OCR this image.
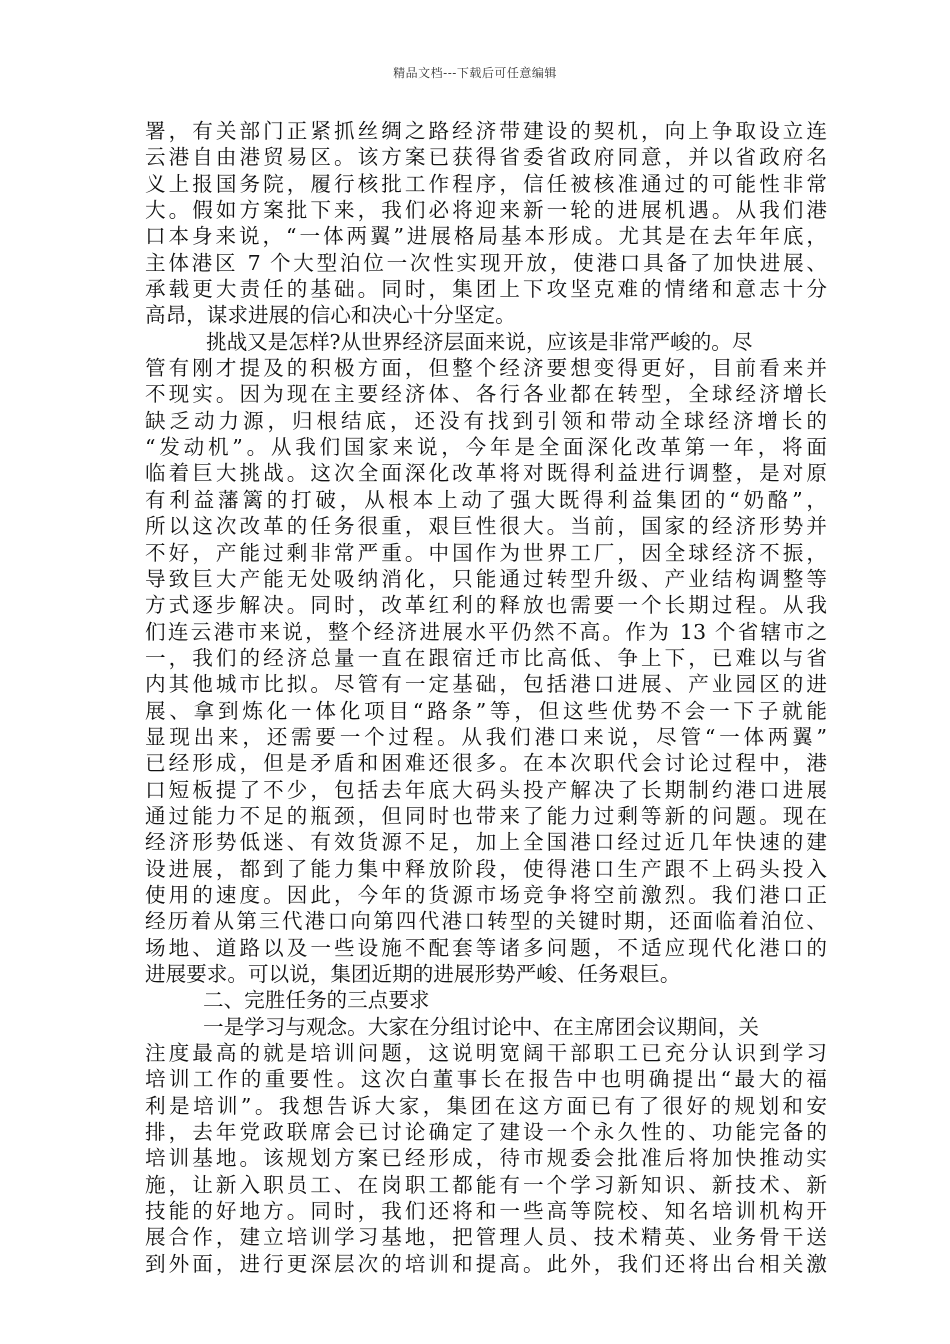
精品文档---下载后可任意编辑
署，有关部门正紧抓丝绸之路经济带建设的契机，向上争取设立连
云港自由港贸易区。该方案已获得省委省政府同意，并以省政府名
义上报国务院，履行核批工作程序，信任被核准通过的可能性非常
大。假如方案批下来，我们必将迎来新一轮的进展机遇。从我们港
口本身来说，“一体两翼”进展格局基本形成。尤其是在去年年底，
主体港区 7 个大型泊位一次性实现开放，使港口具备了加快进展、
承载更大责任的基础。同时，集团上下攻坚克难的情绪和意志十分
高昂，谋求进展的信心和决心十分坚定。
挑战又是怎样?从世界经济层面来说，应该是非常严峻的。尽
管有刚才提及的积极方面，但整个经济要想变得更好，目前看来并
不现实。因为现在主要经济体、各行各业都在转型，全球经济增长
缺乏动力源，归根结底，还没有找到引领和带动全球经济增长的
“发动机”。从我们国家来说，今年是全面深化改革第一年，将面
临着巨大挑战。这次全面深化改革将对既得利益进行调整，是对原
有利益藩篱的打破，从根本上动了强大既得利益集团的“奶酪”，
所以这次改革的任务很重，艰巨性很大。当前，国家的经济形势并
不好，产能过剩非常严重。中国作为世界工厂，因全球经济不振，
导致巨大产能无处吸纳消化，只能通过转型升级、产业结构调整等
方式逐步解决。同时，改革红利的释放也需要一个长期过程。从我
们连云港市来说，整个经济进展水平仍然不高。作为 13 个省辖市之
一，我们的经济总量一直在跟宿迁市比高低、争上下，已难以与省
内其他城市比拟。尽管有一定基础，包括港口进展、产业园区的进
展、拿到炼化一体化项目“路条”等，但这些优势不会一下子就能
显现出来，还需要一个过程。从我们港口来说，尽管“一体两翼”
已经形成，但是矛盾和困难还很多。在本次职代会讨论过程中，港
口短板提了不少，包括去年底大码头投产解决了长期制约港口进展
通过能力不足的瓶颈，但同时也带来了能力过剩等新的问题。现在
经济形势低迷、有效货源不足，加上全国港口经过近几年快速的建
设进展，都到了能力集中释放阶段，使得港口生产跟不上码头投入
使用的速度。因此，今年的货源市场竞争将空前激烈。我们港口正
经历着从第三代港口向第四代港口转型的关键时期，还面临着泊位、
场地、道路以及一些设施不配套等诸多问题，不适应现代化港口的
进展要求。可以说，集团近期的进展形势严峻、任务艰巨。
二、完胜任务的三点要求
一是学习与观念。大家在分组讨论中、在主席团会议期间，关
注度最高的就是培训问题，这说明宽阔干部职工已充分认识到学习
培训工作的重要性。这次白董事长在报告中也明确提出“最大的福
利是培训”。我想告诉大家，集团在这方面已有了很好的规划和安
排，去年党政联席会已讨论确定了建设一个永久性的、功能完备的
培训基地。该规划方案已经形成，待市规委会批准后将加快推动实
施，让新入职员工、在岗职工都能有一个学习新知识、新技术、新
技能的好地方。同时，我们还将和一些高等院校、知名培训机构开
展合作，建立培训学习基地，把管理人员、技术精英、业务骨干送
到外面，进行更深层次的培训和提高。此外，我们还将出台相关激
